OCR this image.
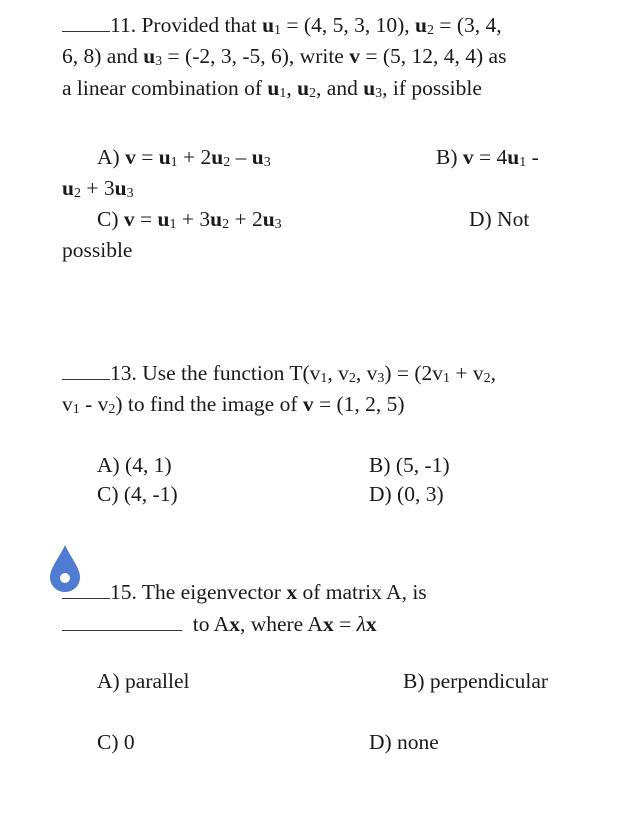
11. Provided that $u_1 = (4$, 5, 3, 10), $u_2 = (3$, 4,
6, 8) and $u_3 = (-2$, 3, -5, 6), write v = (5, 12, 4, 4) as
a linear combination of $u_1$, $u_2$, and $u_3$, if possible
A) $v = u_1 + 2u_2 - u_3$	B) $v = 4u_1$ -
$u_2 + 3u_3$
C) $v = u_1 + 3u_2 + 2u_3$	D) Not
possible
13. Use the function $T(v_1$, $v_2$, $v_3) = (2v_1 + v_2$,
$v_1 - v_2$) to find the image of v = (1, 2, 5)
A) (4, 1)	B) (5, -1)
C) (4, -1)	D) (0, 3)
15. The eigenvector x of matrix A, is
to Ax, where Ax = λx
A) parallel	B) perpendicular
C) 0	D) none
